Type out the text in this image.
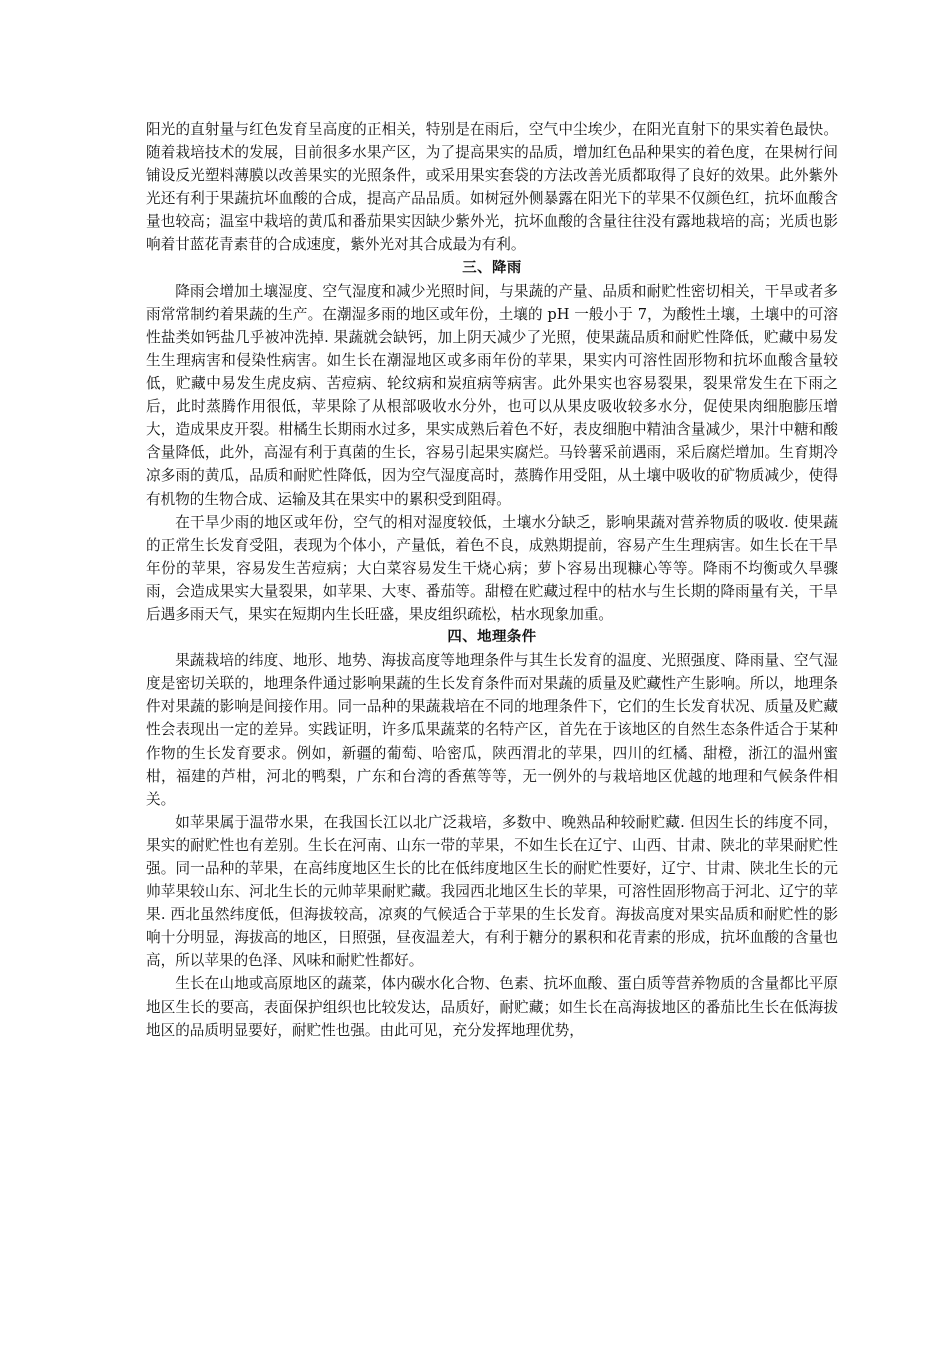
阳光的直射量与红色发育呈高度的正相关，特别是在雨后，空气中尘埃少，在阳光直射下的果实着色最快。随着栽培技术的发展，目前很多水果产区，为了提高果实的品质，增加红色品种果实的着色度，在果树行间铺设反光塑料薄膜以改善果实的光照条件，或采用果实套袋的方法改善光质都取得了良好的效果。此外紫外光还有利于果蔬抗坏血酸的合成，提高产品品质。如树冠外侧暴露在阳光下的苹果不仅颜色红，抗坏血酸含量也较高；温室中栽培的黄瓜和番茄果实因缺少紫外光，抗坏血酸的含量往往没有露地栽培的高；光质也影响着甘蓝花青素苷的合成速度，紫外光对其合成最为有利。

三、降雨

降雨会增加土壤湿度、空气湿度和减少光照时间，与果蔬的产量、品质和耐贮性密切相关，干旱或者多雨常常制约着果蔬的生产。在潮湿多雨的地区或年份，土壤的 pH 一般小于 7，为酸性土壤，土壤中的可溶性盐类如钙盐几乎被冲洗掉. 果蔬就会缺钙，加上阴天减少了光照，使果蔬品质和耐贮性降低，贮藏中易发生生理病害和侵染性病害。如生长在潮湿地区或多雨年份的苹果，果实内可溶性固形物和抗坏血酸含量较低，贮藏中易发生虎皮病、苦痘病、轮纹病和炭疽病等病害。此外果实也容易裂果，裂果常发生在下雨之后，此时蒸腾作用很低，苹果除了从根部吸收水分外，也可以从果皮吸收较多水分，促使果肉细胞膨压增大，造成果皮开裂。柑橘生长期雨水过多，果实成熟后着色不好，表皮细胞中精油含量减少，果汁中糖和酸含量降低，此外，高湿有利于真菌的生长，容易引起果实腐烂。马铃薯采前遇雨，采后腐烂增加。生育期冷凉多雨的黄瓜，品质和耐贮性降低，因为空气湿度高时，蒸腾作用受阻，从土壤中吸收的矿物质减少，使得有机物的生物合成、运输及其在果实中的累积受到阻碍。

在干旱少雨的地区或年份，空气的相对湿度较低，土壤水分缺乏，影响果蔬对营养物质的吸收. 使果蔬的正常生长发育受阻，表现为个体小，产量低，着色不良，成熟期提前，容易产生生理病害。如生长在干旱年份的苹果，容易发生苦痘病；大白菜容易发生干烧心病；萝卜容易出现糠心等等。降雨不均衡或久旱骤雨，会造成果实大量裂果，如苹果、大枣、番茄等。甜橙在贮藏过程中的枯水与生长期的降雨量有关，干旱后遇多雨天气，果实在短期内生长旺盛，果皮组织疏松，枯水现象加重。

四、地理条件

果蔬栽培的纬度、地形、地势、海拔高度等地理条件与其生长发育的温度、光照强度、降雨量、空气湿度是密切关联的，地理条件通过影响果蔬的生长发育条件而对果蔬的质量及贮藏性产生影响。所以，地理条件对果蔬的影响是间接作用。同一品种的果蔬栽培在不同的地理条件下，它们的生长发育状况、质量及贮藏性会表现出一定的差异。实践证明，许多瓜果蔬菜的名特产区，首先在于该地区的自然生态条件适合于某种作物的生长发育要求。例如，新疆的葡萄、哈密瓜，陕西渭北的苹果，四川的红橘、甜橙，浙江的温州蜜柑，福建的芦柑，河北的鸭梨，广东和台湾的香蕉等等，无一例外的与栽培地区优越的地理和气候条件相关。

如苹果属于温带水果，在我国长江以北广泛栽培，多数中、晚熟品种较耐贮藏. 但因生长的纬度不同，果实的耐贮性也有差别。生长在河南、山东一带的苹果，不如生长在辽宁、山西、甘肃、陕北的苹果耐贮性强。同一品种的苹果，在高纬度地区生长的比在低纬度地区生长的耐贮性要好，辽宁、甘肃、陕北生长的元帅苹果较山东、河北生长的元帅苹果耐贮藏。我园西北地区生长的苹果，可溶性固形物高于河北、辽宁的苹果. 西北虽然纬度低，但海拔较高，凉爽的气候适合于苹果的生长发育。海拔高度对果实品质和耐贮性的影响十分明显，海拔高的地区，日照强，昼夜温差大，有利于糖分的累积和花青素的形成，抗坏血酸的含量也高，所以苹果的色泽、风味和耐贮性都好。

生长在山地或高原地区的蔬菜，体内碳水化合物、色素、抗坏血酸、蛋白质等营养物质的含量都比平原地区生长的要高，表面保护组织也比较发达，品质好，耐贮藏；如生长在高海拔地区的番茄比生长在低海拔地区的品质明显要好，耐贮性也强。由此可见，充分发挥地理优势，
